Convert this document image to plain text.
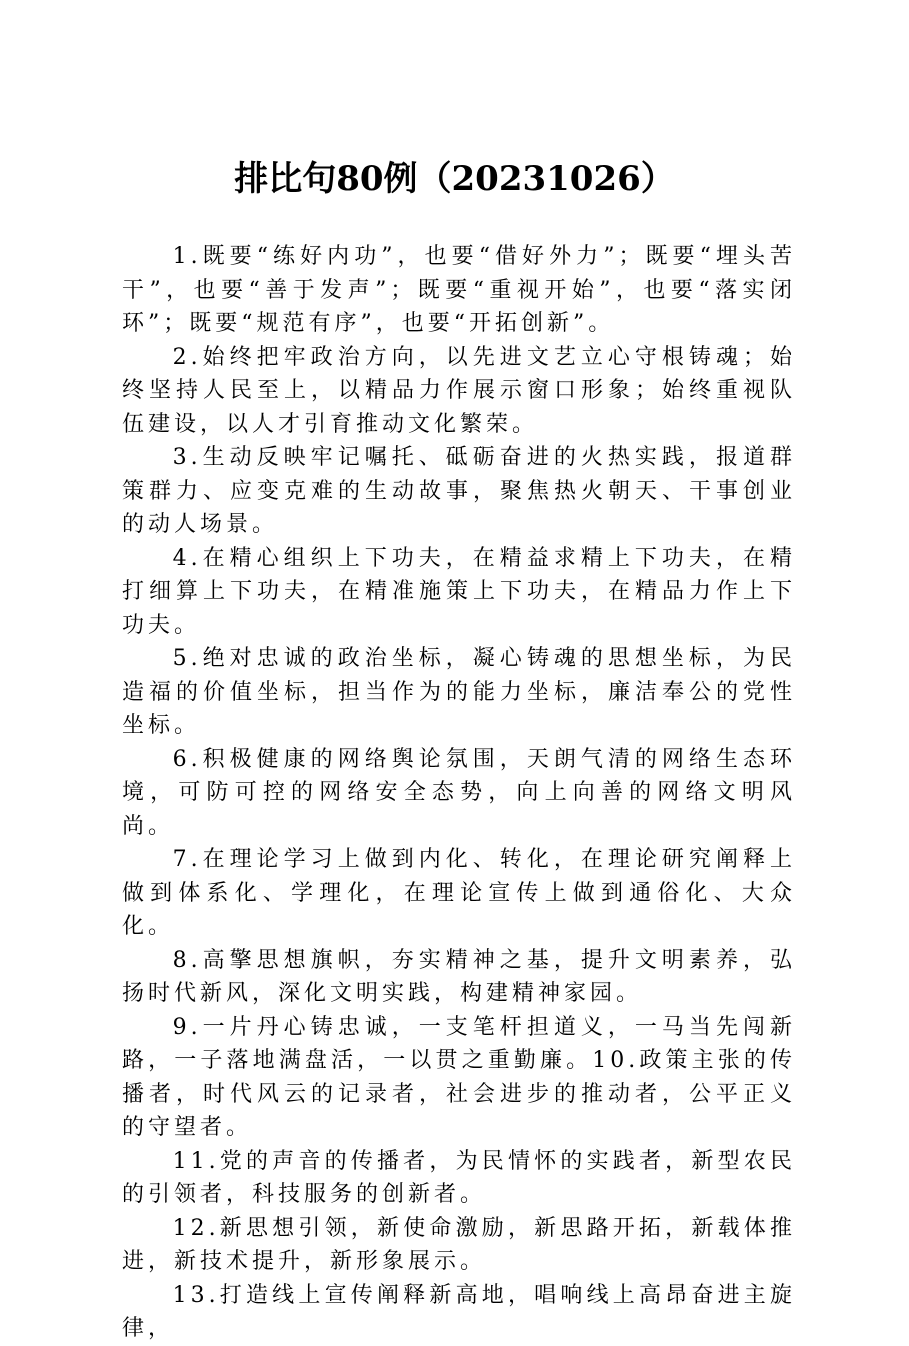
排比句80例（20231026）

1.既要“练好内功”，也要“借好外力”；既要“埋头苦干”，也要“善于发声”；既要“重视开始”，也要“落实闭环”；既要“规范有序”，也要“开拓创新”。

2.始终把牢政治方向，以先进文艺立心守根铸魂；始终坚持人民至上，以精品力作展示窗口形象；始终重视队伍建设，以人才引育推动文化繁荣。

3.生动反映牢记嘱托、砥砺奋进的火热实践，报道群策群力、应变克难的生动故事，聚焦热火朝天、干事创业的动人场景。

4.在精心组织上下功夫，在精益求精上下功夫，在精打细算上下功夫，在精准施策上下功夫，在精品力作上下功夫。

5.绝对忠诚的政治坐标，凝心铸魂的思想坐标，为民造福的价值坐标，担当作为的能力坐标，廉洁奉公的党性坐标。

6.积极健康的网络舆论氛围，天朗气清的网络生态环境，可防可控的网络安全态势，向上向善的网络文明风尚。

7.在理论学习上做到内化、转化，在理论研究阐释上做到体系化、学理化，在理论宣传上做到通俗化、大众化。

8.高擎思想旗帜，夯实精神之基，提升文明素养，弘扬时代新风，深化文明实践，构建精神家园。

9.一片丹心铸忠诚，一支笔杆担道义，一马当先闯新路，一子落地满盘活，一以贯之重勤廉。10.政策主张的传播者，时代风云的记录者，社会进步的推动者，公平正义的守望者。

11.党的声音的传播者，为民情怀的实践者，新型农民的引领者，科技服务的创新者。

12.新思想引领，新使命激励，新思路开拓，新载体推进，新技术提升，新形象展示。

13.打造线上宣传阐释新高地，唱响线上高昂奋进主旋律，
